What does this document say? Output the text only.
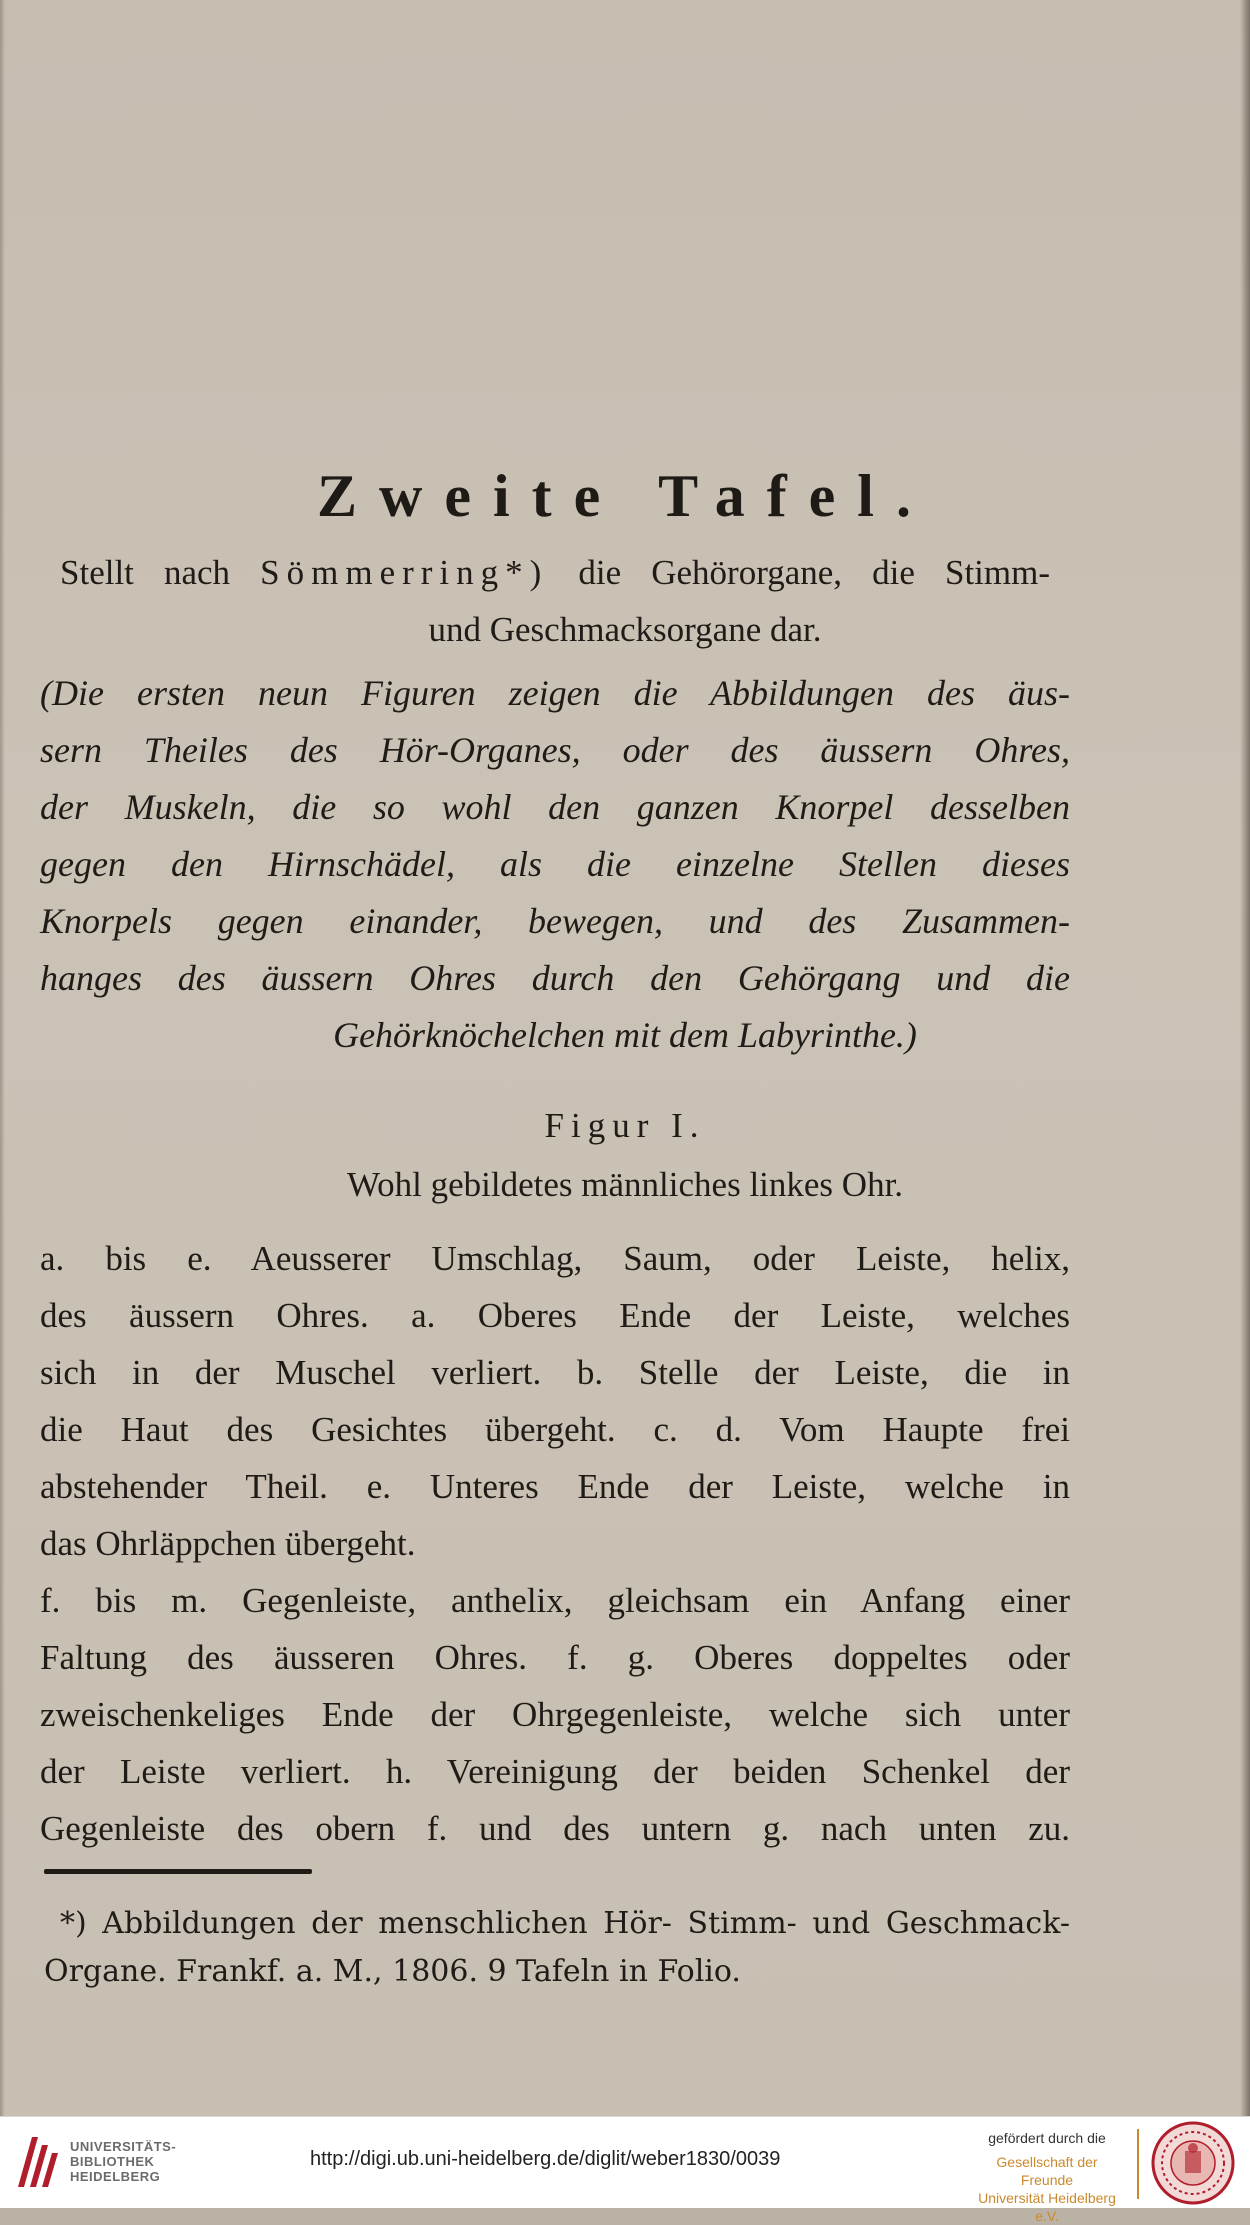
Zweite Tafel.
Stellt nach Sömmerring*) die Gehörorgane, die Stimm-
und Geschmacksorgane dar.
(Die ersten neun Figuren zeigen die Abbildungen des äus-
sern Theiles des Hör-Organes, oder des äussern Ohres,
der Muskeln, die so wohl den ganzen Knorpel desselben
gegen den Hirnschädel, als die einzelne Stellen dieses
Knorpels gegen einander, bewegen, und des Zusammen-
hanges des äussern Ohres durch den Gehörgang und die
Gehörknöchelchen mit dem Labyrinthe.)
Figur I.
Wohl gebildetes männliches linkes Ohr.
a. bis e. Aeusserer Umschlag, Saum, oder Leiste, helix,
des äussern Ohres. a. Oberes Ende der Leiste, welches
sich in der Muschel verliert. b. Stelle der Leiste, die in
die Haut des Gesichtes übergeht. c. d. Vom Haupte frei
abstehender Theil. e. Unteres Ende der Leiste, welche in
das Ohrläppchen übergeht.
f. bis m. Gegenleiste, anthelix, gleichsam ein Anfang einer
Faltung des äusseren Ohres. f. g. Oberes doppeltes oder
zweischenkeliges Ende der Ohrgegenleiste, welche sich unter
der Leiste verliert. h. Vereinigung der beiden Schenkel der
Gegenleiste des obern f. und des untern g. nach unten zu.
*) Abbildungen der menschlichen Hör- Stimm- und Geschmack-
Organe. Frankf. a. M., 1806. 9 Tafeln in Folio.
UNIVERSITÄTS-
BIBLIOTHEK
HEIDELBERG
http://digi.ub.uni-heidelberg.de/diglit/weber1830/0039
gefördert durch die
Gesellschaft der Freunde
Universität Heidelberg e.V.
